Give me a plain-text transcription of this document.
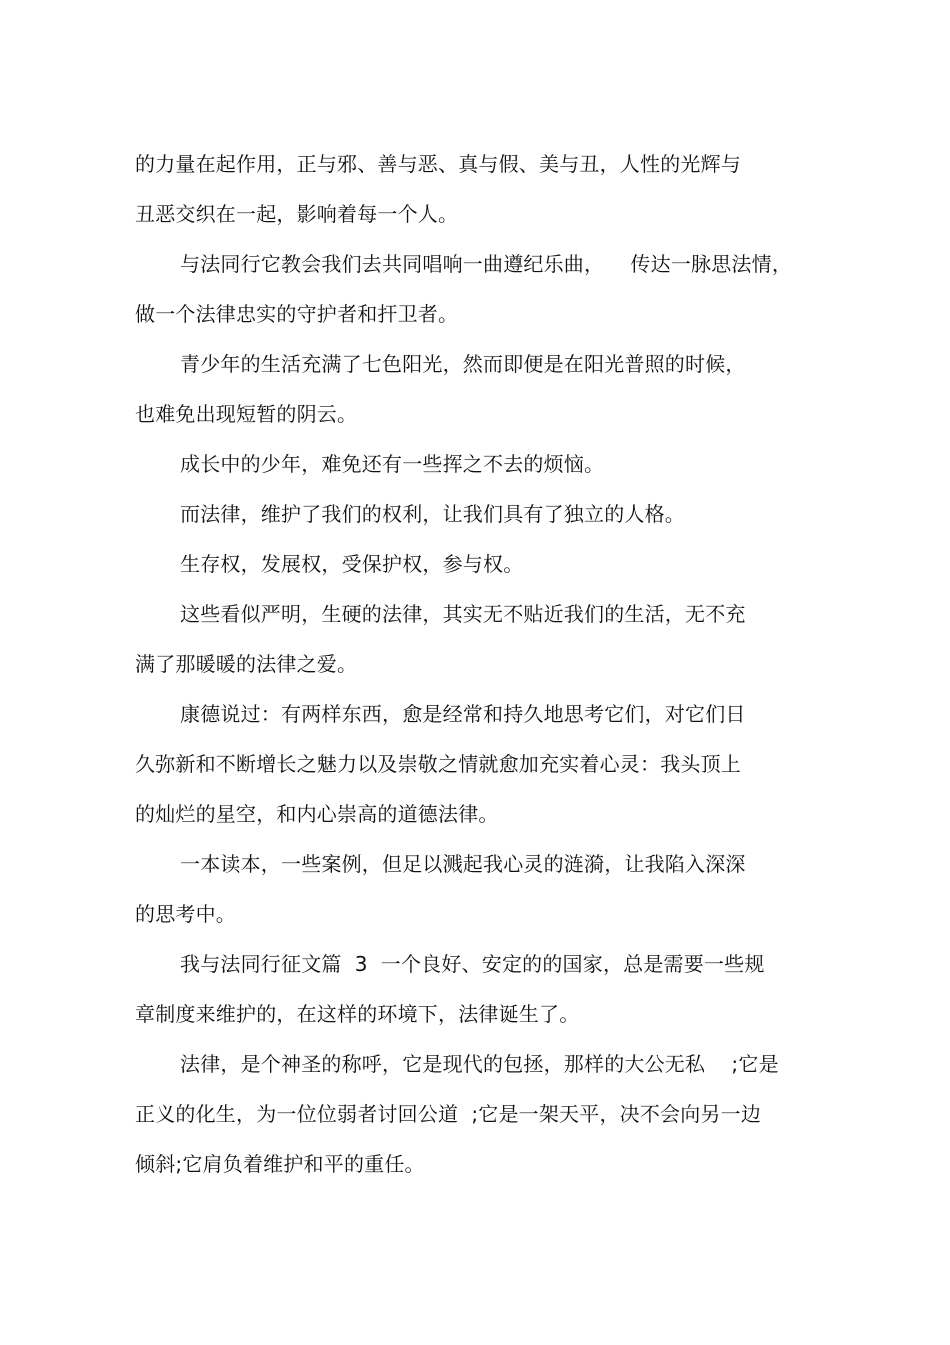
的力量在起作用，正与邪、善与恶、真与假、美与丑，人性的光辉与
丑恶交织在一起，影响着每一个人。
与法同行它教会我们去共同唱响一曲遵纪乐曲，    传达一脉思法情，
做一个法律忠实的守护者和扞卫者。
青少年的生活充满了七色阳光，然而即便是在阳光普照的时候，
也难免出现短暂的阴云。
成长中的少年，难免还有一些挥之不去的烦恼。
而法律，维护了我们的权利，让我们具有了独立的人格。
生存权，发展权，受保护权，参与权。
这些看似严明，生硬的法律，其实无不贴近我们的生活，无不充
满了那暖暖的法律之爱。
康德说过：有两样东西，愈是经常和持久地思考它们，对它们日
久弥新和不断增长之魅力以及崇敬之情就愈加充实着心灵：我头顶上
的灿烂的星空，和内心崇高的道德法律。
一本读本，一些案例，但足以溅起我心灵的涟漪，让我陷入深深
的思考中。
我与法同行征文篇  3  一个良好、安定的的国家，总是需要一些规
章制度来维护的，在这样的环境下，法律诞生了。
法律，是个神圣的称呼，它是现代的包拯，那样的大公无私    ;它是
正义的化生，为一位位弱者讨回公道  ;它是一架天平，决不会向另一边
倾斜;它肩负着维护和平的重任。
